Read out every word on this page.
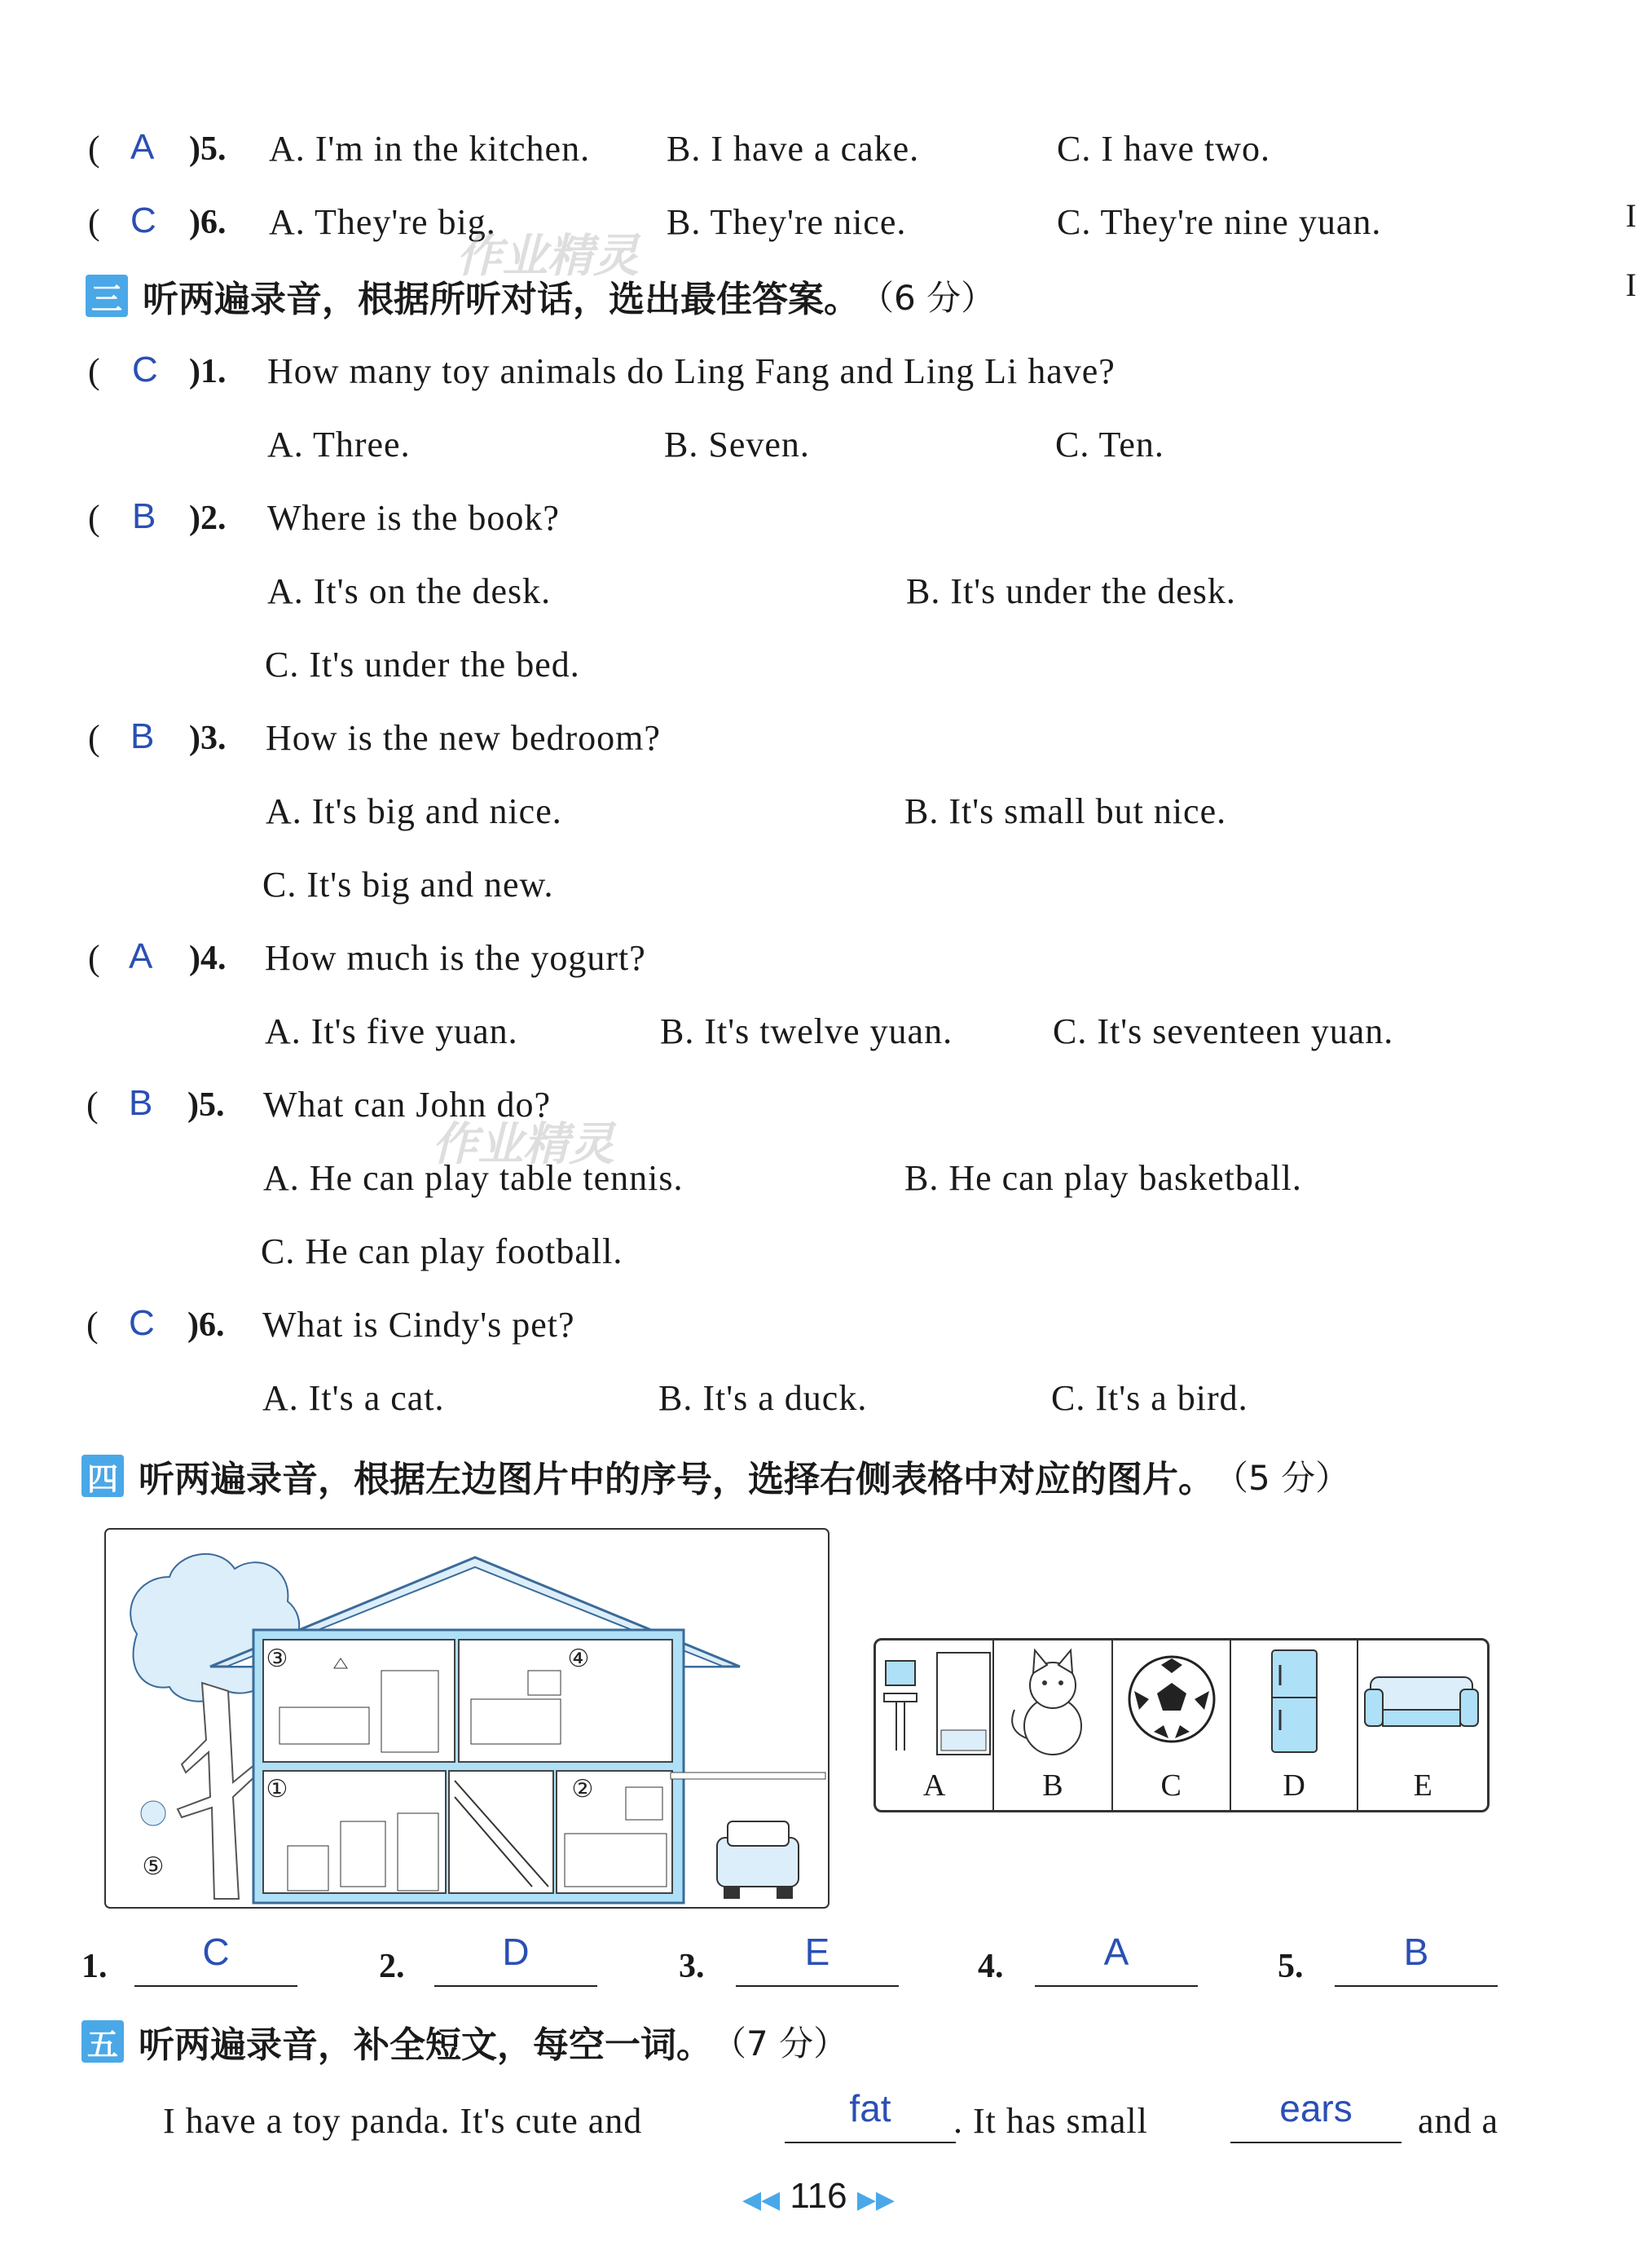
I
I
( A )5. A. I'm in the kitchen. B. I have a cake.	C. I have two.
( C )6. A. They're big.	B. They're nice.	C. They're nine yuan.
作业精灵
三 听两遍录音，根据所听对话，选出最佳答案。 （6 分）
( C )1. How many toy animals do Ling Fang and Ling Li have?
A. Three.	B. Seven.	C. Ten.
( B )2. Where is the book?
A. It's on the desk.	B. It's under the desk.
C. It's under the bed.
( B )3. How is the new bedroom?
A. It's big and nice.	B. It's small but nice.
C. It's big and new.
( A )4. How much is the yogurt?
A. It's five yuan.	B. It's twelve yuan.	C. It's seventeen yuan.
( B )5. What can John do?
A. He can play table tennis.	B. He can play basketball.
C. He can play football.
作业精灵
( C )6. What is Cindy's pet?
A. It's a cat.	B. It's a duck.	C. It's a bird.
四 听两遍录音，根据左边图片中的序号，选择右侧表格中对应的图片。 （5 分）
⑤
③	④
①	②	A	B	C	D	E
1.	C	2.	D	3.	E	4.	A	5.	B
五 听两遍录音，补全短文，每空一词。 （7 分）
I have a toy panda. It's cute and	fat	. It has small	ears	and a
◀◀ 116 ▶▶
